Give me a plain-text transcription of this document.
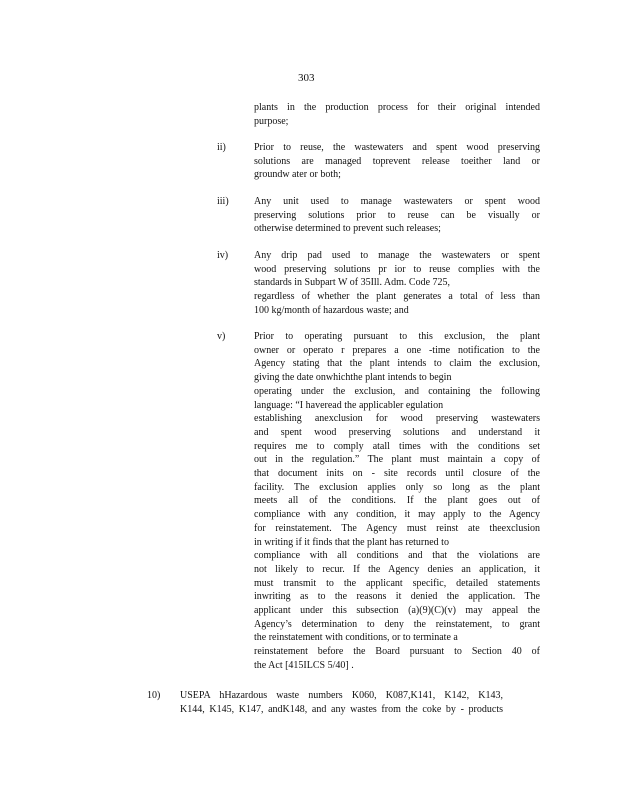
303
plants in the production process for their original intended
purpose;
ii)	Prior to reuse, the wastewaters and spent wood preserving
solutions are managed toprevent release toeither land or
groundw ater or both;
iii)	Any unit used to manage wastewaters or spent wood
preserving solutions prior to reuse can be visually or
otherwise determined to prevent such releases;
iv)	Any drip pad used to manage the wastewaters or spent
wood preserving solutions pr ior to reuse complies with the
standards in Subpart W of 35Ill. Adm. Code 725,
regardless of whether the plant generates a total of less than
100 kg/month of hazardous waste; and
v)	Prior to operating pursuant to this exclusion, the plant
owner or operato r prepares a one -time notification to the
Agency stating that the plant intends to claim the exclusion,
giving the date onwhichthe plant intends to begin
operating under the exclusion, and containing the following
language: “I haveread the applicabler egulation
establishing anexclusion for wood preserving wastewaters
and spent wood preserving solutions and understand it
requires me to comply atall times with the conditions set
out in the regulation.” The plant must maintain a copy of
that document inits on - site records until closure of the
facility. The exclusion applies only so long as the plant
meets all of the conditions. If the plant goes out of
compliance with any condition, it may apply to the Agency
for reinstatement. The Agency must reinst ate theexclusion
in writing if it finds that the plant has returned to
compliance with all conditions and that the violations are
not likely to recur. If the Agency denies an application, it
must transmit to the applicant specific, detailed statements
inwriting as to the reasons it denied the application. The
applicant under this subsection (a)(9)(C)(v) may appeal the
Agency’s determination to deny the reinstatement, to grant
the reinstatement with conditions, or to terminate a
reinstatement before the Board pursuant to Section 40 of
the Act [415ILCS 5/40] .
10) USEPA hHazardous waste numbers K060, K087,K141, K142, K143,
K144, K145, K147, andK148, and any wastes from the coke by - products
